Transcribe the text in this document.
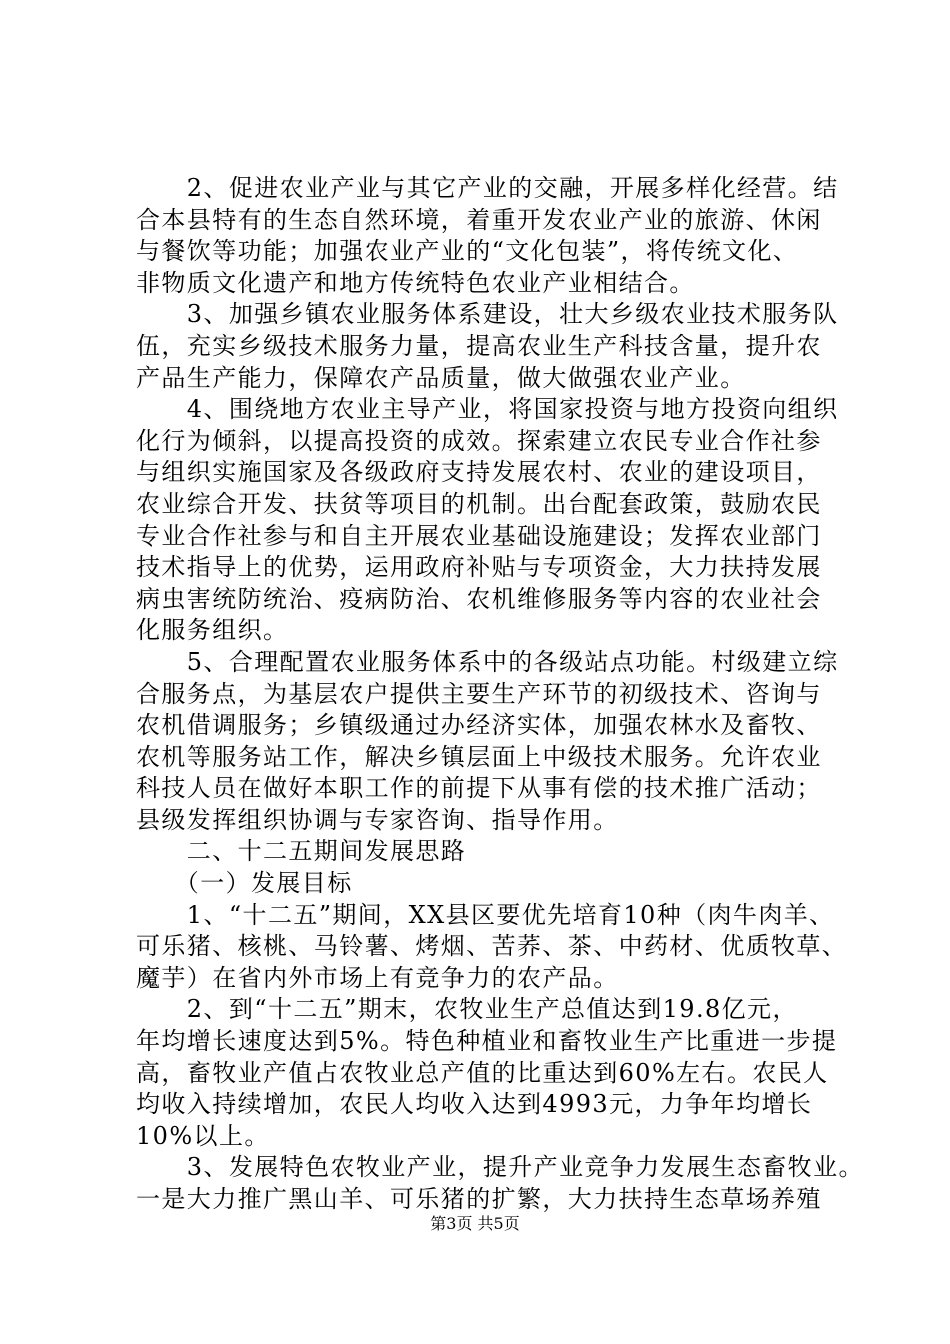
　　2、促进农业产业与其它产业的交融，开展多样化经营。结
合本县特有的生态自然环境，着重开发农业产业的旅游、休闲
与餐饮等功能；加强农业产业的“文化包装”，将传统文化、
非物质文化遗产和地方传统特色农业产业相结合。
　　3、加强乡镇农业服务体系建设，壮大乡级农业技术服务队
伍，充实乡级技术服务力量，提高农业生产科技含量，提升农
产品生产能力，保障农产品质量，做大做强农业产业。
　　4、围绕地方农业主导产业，将国家投资与地方投资向组织
化行为倾斜，以提高投资的成效。探索建立农民专业合作社参
与组织实施国家及各级政府支持发展农村、农业的建设项目，
农业综合开发、扶贫等项目的机制。出台配套政策，鼓励农民
专业合作社参与和自主开展农业基础设施建设；发挥农业部门
技术指导上的优势，运用政府补贴与专项资金，大力扶持发展
病虫害统防统治、疫病防治、农机维修服务等内容的农业社会
化服务组织。
　　5、合理配置农业服务体系中的各级站点功能。村级建立综
合服务点，为基层农户提供主要生产环节的初级技术、咨询与
农机借调服务；乡镇级通过办经济实体，加强农林水及畜牧、
农机等服务站工作，解决乡镇层面上中级技术服务。允许农业
科技人员在做好本职工作的前提下从事有偿的技术推广活动；
县级发挥组织协调与专家咨询、指导作用。
　　二、十二五期间发展思路
　　（一）发展目标
　　1、“十二五”期间，XX县区要优先培育10种（肉牛肉羊、
可乐猪、核桃、马铃薯、烤烟、苦荞、茶、中药材、优质牧草、
魔芋）在省内外市场上有竞争力的农产品。
　　2、到“十二五”期末，农牧业生产总值达到19.8亿元，
年均增长速度达到5%。特色种植业和畜牧业生产比重进一步提
高，畜牧业产值占农牧业总产值的比重达到60%左右。农民人
均收入持续增加，农民人均收入达到4993元，力争年均增长
10%以上。
　　3、发展特色农牧业产业，提升产业竞争力发展生态畜牧业。
一是大力推广黑山羊、可乐猪的扩繁，大力扶持生态草场养殖
第3页 共5页
